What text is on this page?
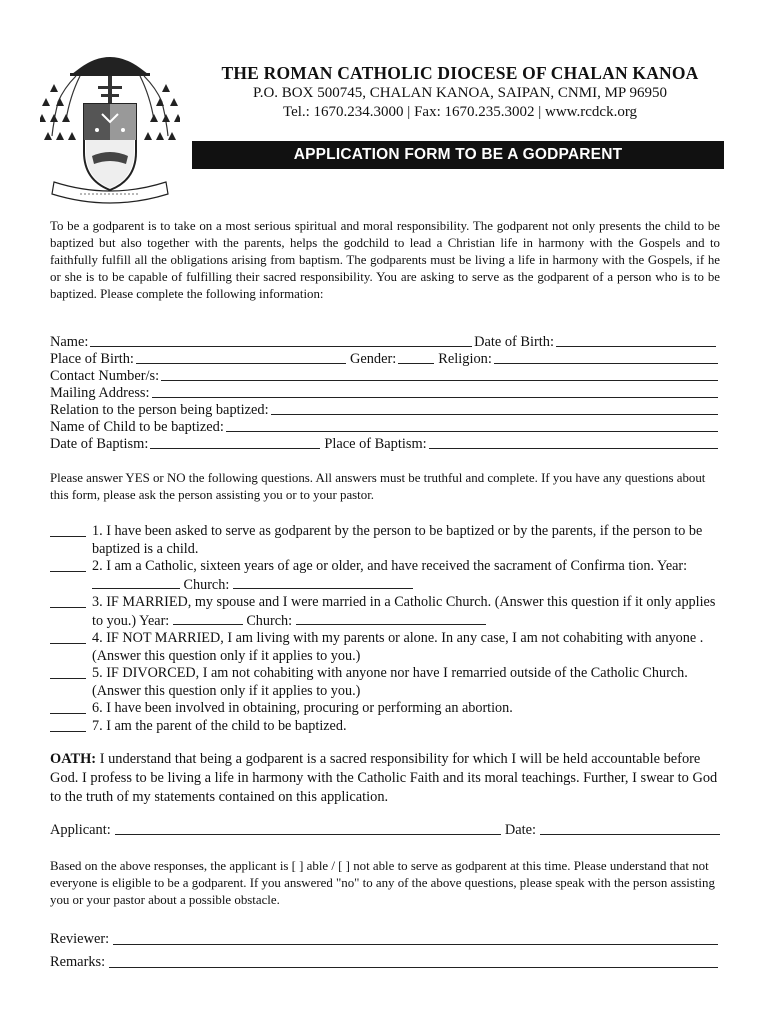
THE ROMAN CATHOLIC DIOCESE OF CHALAN KANOA
P.O. BOX 500745, CHALAN KANOA, SAIPAN, CNMI, MP 96950
Tel.: 1670.234.3000 | Fax: 1670.235.3002 | www.rcdck.org
APPLICATION FORM TO BE A GODPARENT
To be a godparent is to take on a most serious spiritual and moral responsibility. The godparent not only presents the child to be baptized but also together with the parents, helps the godchild to lead a Christian life in harmony with the Gospels and to faithfully fulfill all the obligations arising from baptism. The godparents must be living a life in harmony with the Gospels, if he or she is to be capable of fulfilling their sacred responsibility. You are asking to serve as the godparent of a person who is to be baptized. Please complete the following information:
Name:	Date of Birth:
Place of Birth:	Gender:	Religion:
Contact Number/s:
Mailing Address:
Relation to the person being baptized:
Name of Child to be baptized:
Date of Baptism:	Place of Baptism:
Please answer YES or NO the following questions. All answers must be truthful and complete. If you have any questions about this form, please ask the person assisting you or to your pastor.
1. I have been asked to serve as godparent by the person to be baptized or by the parents, if the person to be baptized is a child.
2. I am a Catholic, sixteen years of age or older, and have received the sacrament of Confirma tion. Year:  Church:
3. IF MARRIED, my spouse and I were married in a Catholic Church. (Answer this question if it only applies to you.) Year:	Church:
4. IF NOT MARRIED, I am living with my parents or alone. In any case, I am not cohabiting with anyone . (Answer this question only if it applies to you.)
5. IF DIVORCED, I am not cohabiting with anyone nor have I remarried outside of the Catholic Church. (Answer this question only if it applies to you.)
6. I have been involved in obtaining, procuring or performing an abortion.
7. I am the parent of the child to be baptized.
OATH: I understand that being a godparent is a sacred responsibility for which I will be held accountable before God. I profess to be living a life in harmony with the Catholic Faith and its moral teachings. Further, I swear to God to the truth of my statements contained on this application.
Applicant:	Date:
Based on the above responses, the applicant is [ ] able / [ ] not able to serve as godparent at this time. Please understand that not everyone is eligible to be a godparent. If you answered "no" to any of the above questions, please speak with the person assisting you or your pastor about a possible obstacle.
Reviewer:
Remarks:
